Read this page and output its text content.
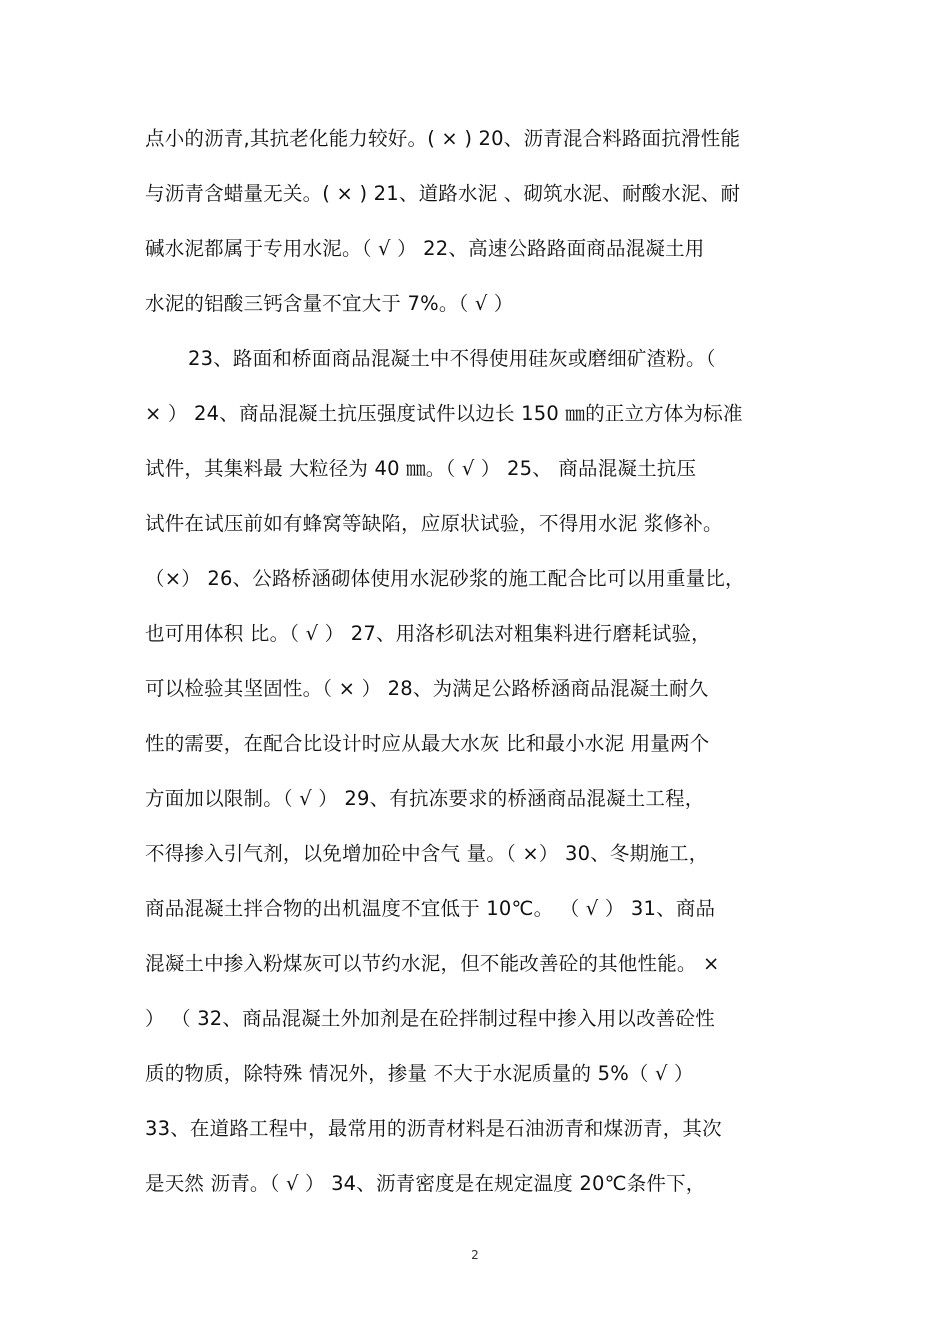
点小的沥青,其抗老化能力较好。( × ) 20、沥青混合料路面抗滑性能
与沥青含蜡量无关。( × ) 21、道路水泥 、砌筑水泥、耐酸水泥、耐
碱水泥都属于专用水泥。（ √ ） 22、高速公路路面商品混凝土用
水泥的铝酸三钙含量不宜大于 7%。（ √ ）
23、路面和桥面商品混凝土中不得使用硅灰或磨细矿渣粉。（
× ） 24、商品混凝土抗压强度试件以边长 150 ㎜的正立方体为标准
试件，其集料最 大粒径为 40 ㎜。（ √ ） 25、 商品混凝土抗压
试件在试压前如有蜂窝等缺陷，应原状试验，不得用水泥 浆修补。
（×） 26、公路桥涵砌体使用水泥砂浆的施工配合比可以用重量比，
也可用体积 比。（ √ ） 27、用洛杉矶法对粗集料进行磨耗试验，
可以检验其坚固性。（ × ） 28、为满足公路桥涵商品混凝土耐久
性的需要，在配合比设计时应从最大水灰 比和最小水泥 用量两个
方面加以限制。（ √ ） 29、有抗冻要求的桥涵商品混凝土工程，
不得掺入引气剂，以免增加砼中含气 量。（ ×） 30、冬期施工，
商品混凝土拌合物的出机温度不宜低于 10℃。 （ √ ） 31、商品
混凝土中掺入粉煤灰可以节约水泥，但不能改善砼的其他性能。 ×
） （ 32、商品混凝土外加剂是在砼拌制过程中掺入用以改善砼性
质的物质，除特殊 情况外，掺量 不大于水泥质量的 5%（ √ ）
33、在道路工程中，最常用的沥青材料是石油沥青和煤沥青，其次
是天然 沥青。（ √ ） 34、沥青密度是在规定温度 20℃条件下，
2
